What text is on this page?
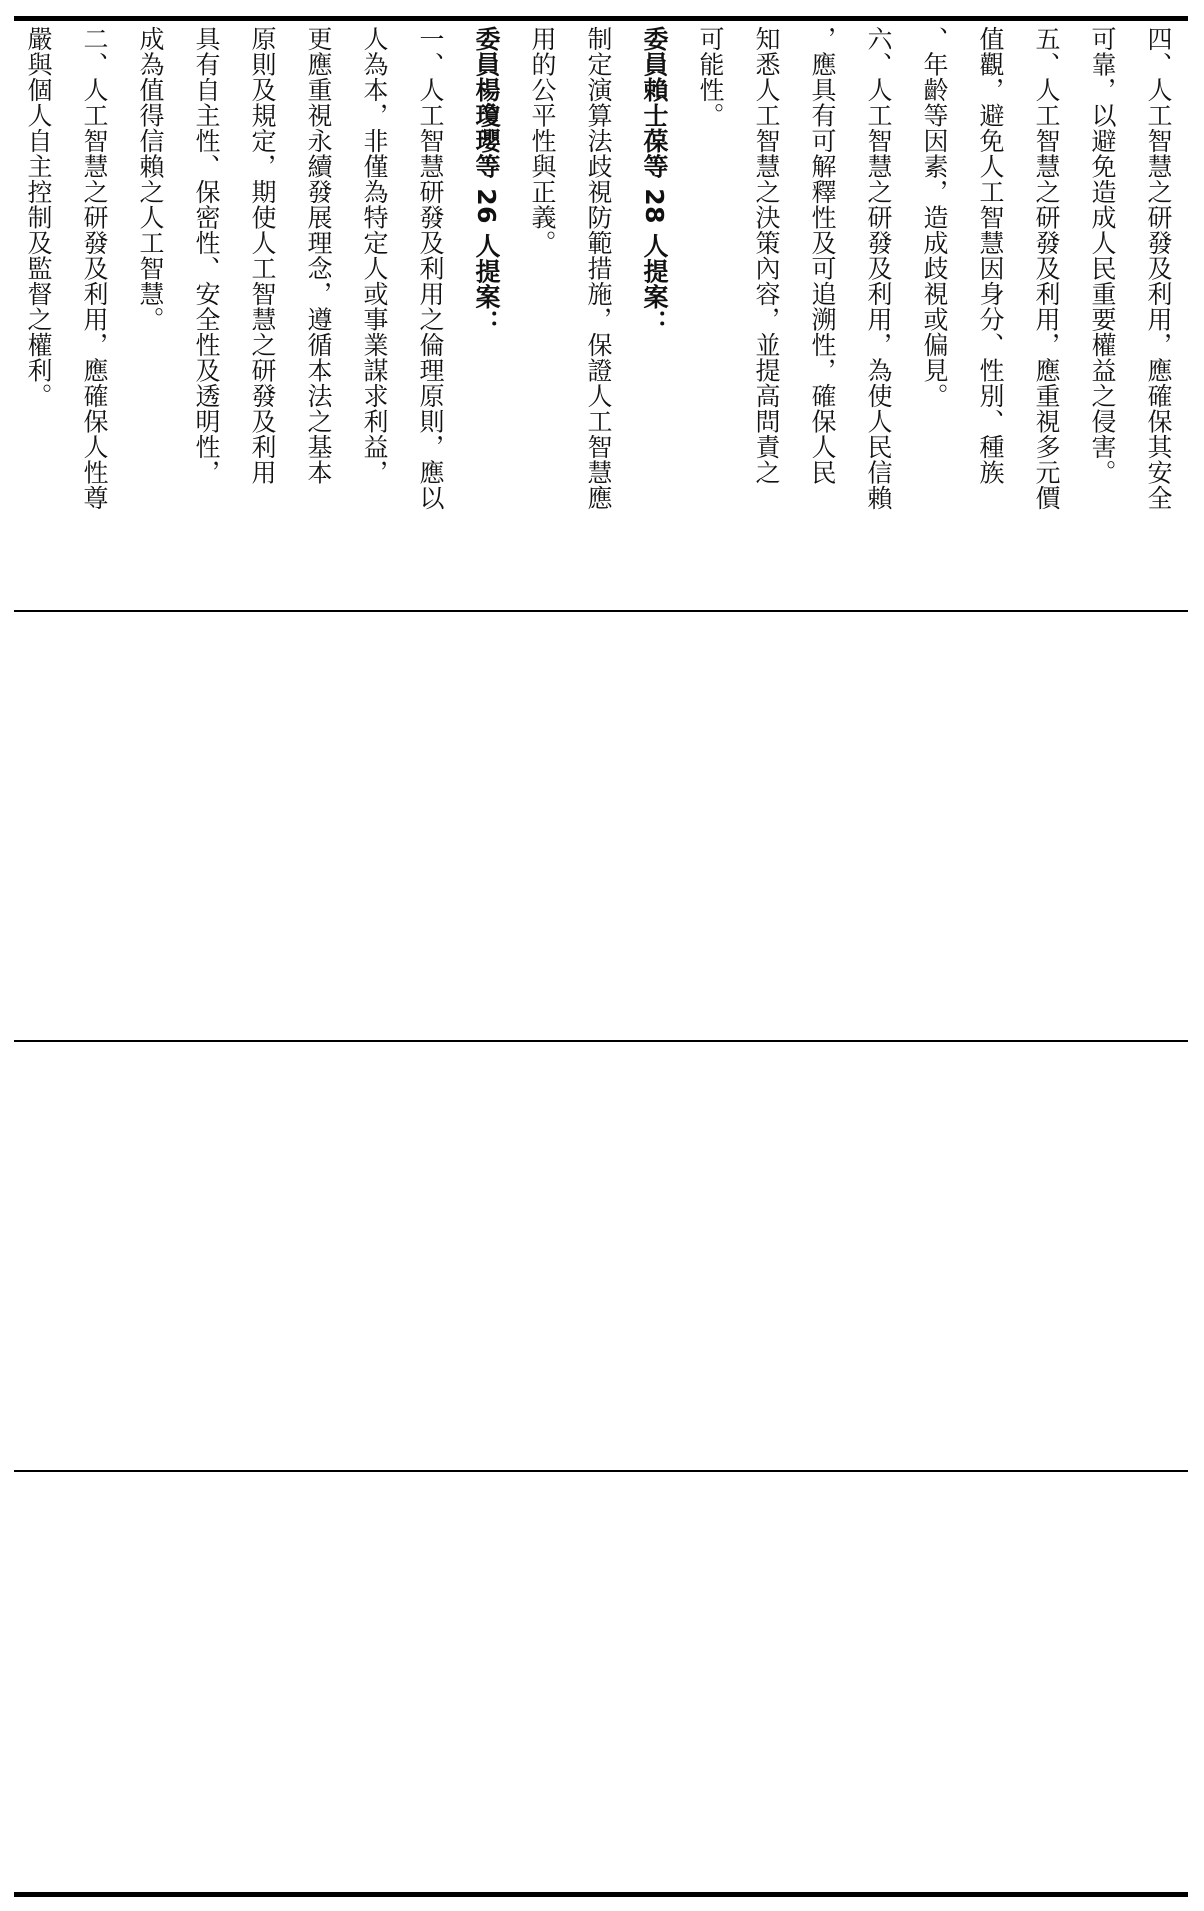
四、人工智慧之研發及利用，應確保其安全
可靠，以避免造成人民重要權益之侵害。
五、人工智慧之研發及利用，應重視多元價
值觀，避免人工智慧因身分、性別、種族
、年齡等因素，造成歧視或偏見。
六、人工智慧之研發及利用，為使人民信賴
，應具有可解釋性及可追溯性，確保人民
知悉人工智慧之決策內容，並提高問責之
可能性。
委員賴士葆等 28 人提案：
制定演算法歧視防範措施，保證人工智慧應
用的公平性與正義。
委員楊瓊瓔等 26 人提案：
一、人工智慧研發及利用之倫理原則，應以
人為本，非僅為特定人或事業謀求利益，
更應重視永續發展理念，遵循本法之基本
原則及規定，期使人工智慧之研發及利用
具有自主性、保密性、安全性及透明性，
成為值得信賴之人工智慧。
二、人工智慧之研發及利用，應確保人性尊
嚴與個人自主控制及監督之權利。
